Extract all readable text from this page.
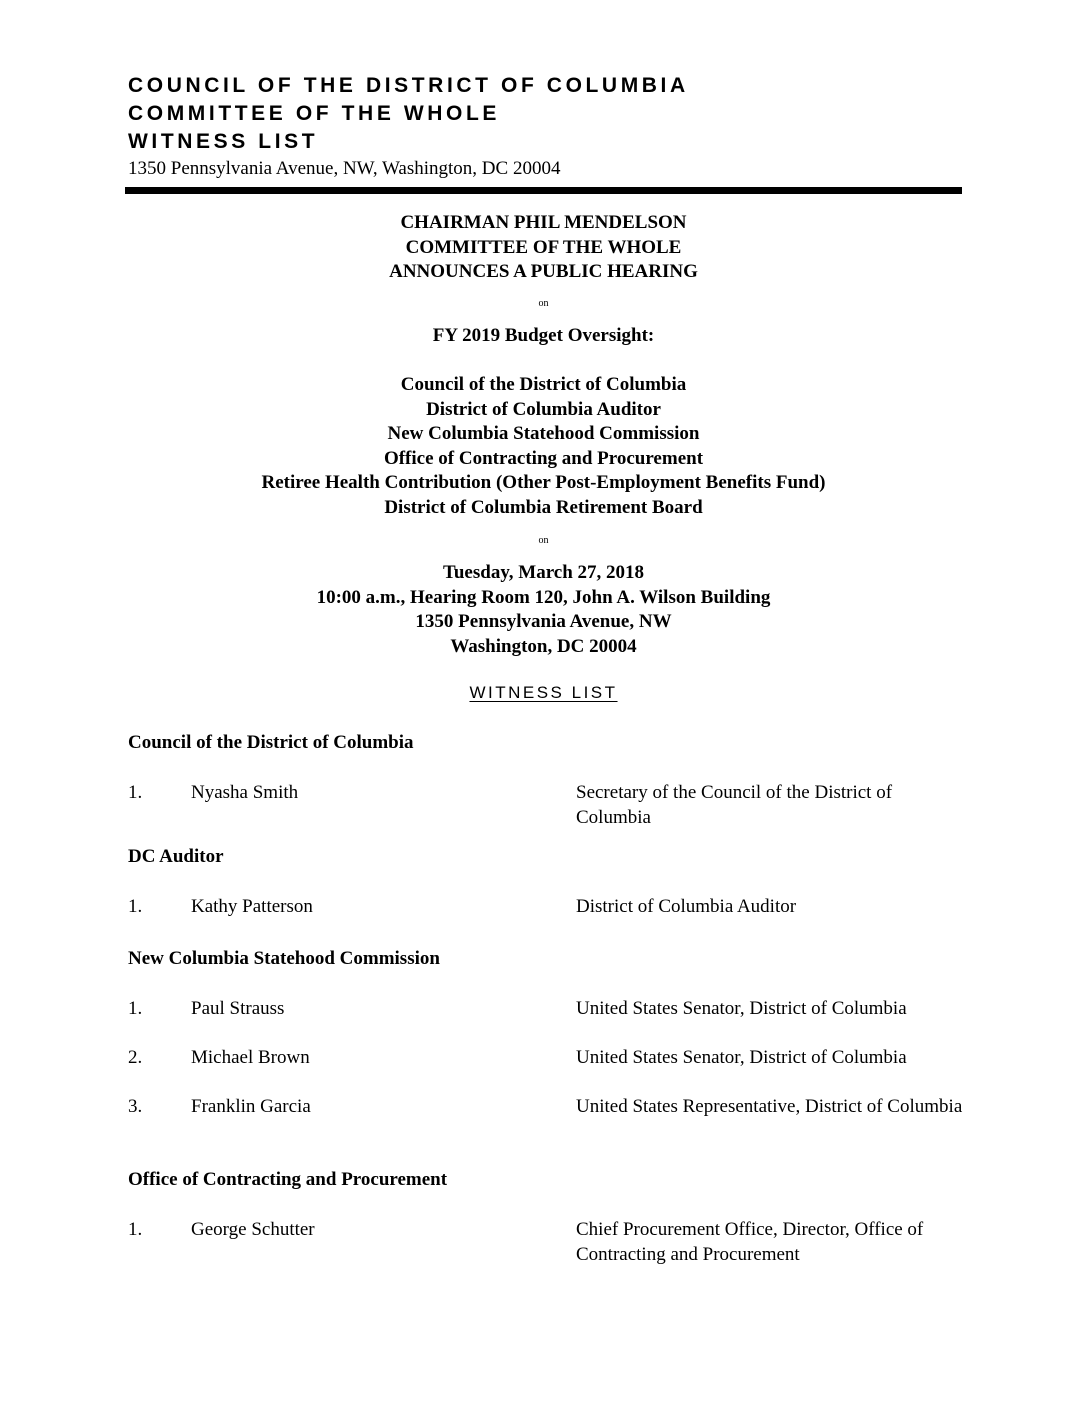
COUNCIL OF THE DISTRICT OF COLUMBIA
COMMITTEE OF THE WHOLE
WITNESS LIST
1350 Pennsylvania Avenue, NW, Washington, DC 20004
CHAIRMAN PHIL MENDELSON
COMMITTEE OF THE WHOLE
ANNOUNCES A PUBLIC HEARING
on
FY 2019 Budget Oversight:
Council of the District of Columbia
District of Columbia Auditor
New Columbia Statehood Commission
Office of Contracting and Procurement
Retiree Health Contribution (Other Post-Employment Benefits Fund)
District of Columbia Retirement Board
on
Tuesday, March 27, 2018
10:00 a.m., Hearing Room 120, John A. Wilson Building
1350 Pennsylvania Avenue, NW
Washington, DC 20004
WITNESS LIST
Council of the District of Columbia
1.	Nyasha Smith	Secretary of the Council of the District of Columbia
DC Auditor
1.	Kathy Patterson	District of Columbia Auditor
New Columbia Statehood Commission
1.	Paul Strauss	United States Senator, District of Columbia
2.	Michael Brown	United States Senator, District of Columbia
3.	Franklin Garcia	United States Representative, District of Columbia
Office of Contracting and Procurement
1.	George Schutter	Chief Procurement Office, Director, Office of Contracting and Procurement
